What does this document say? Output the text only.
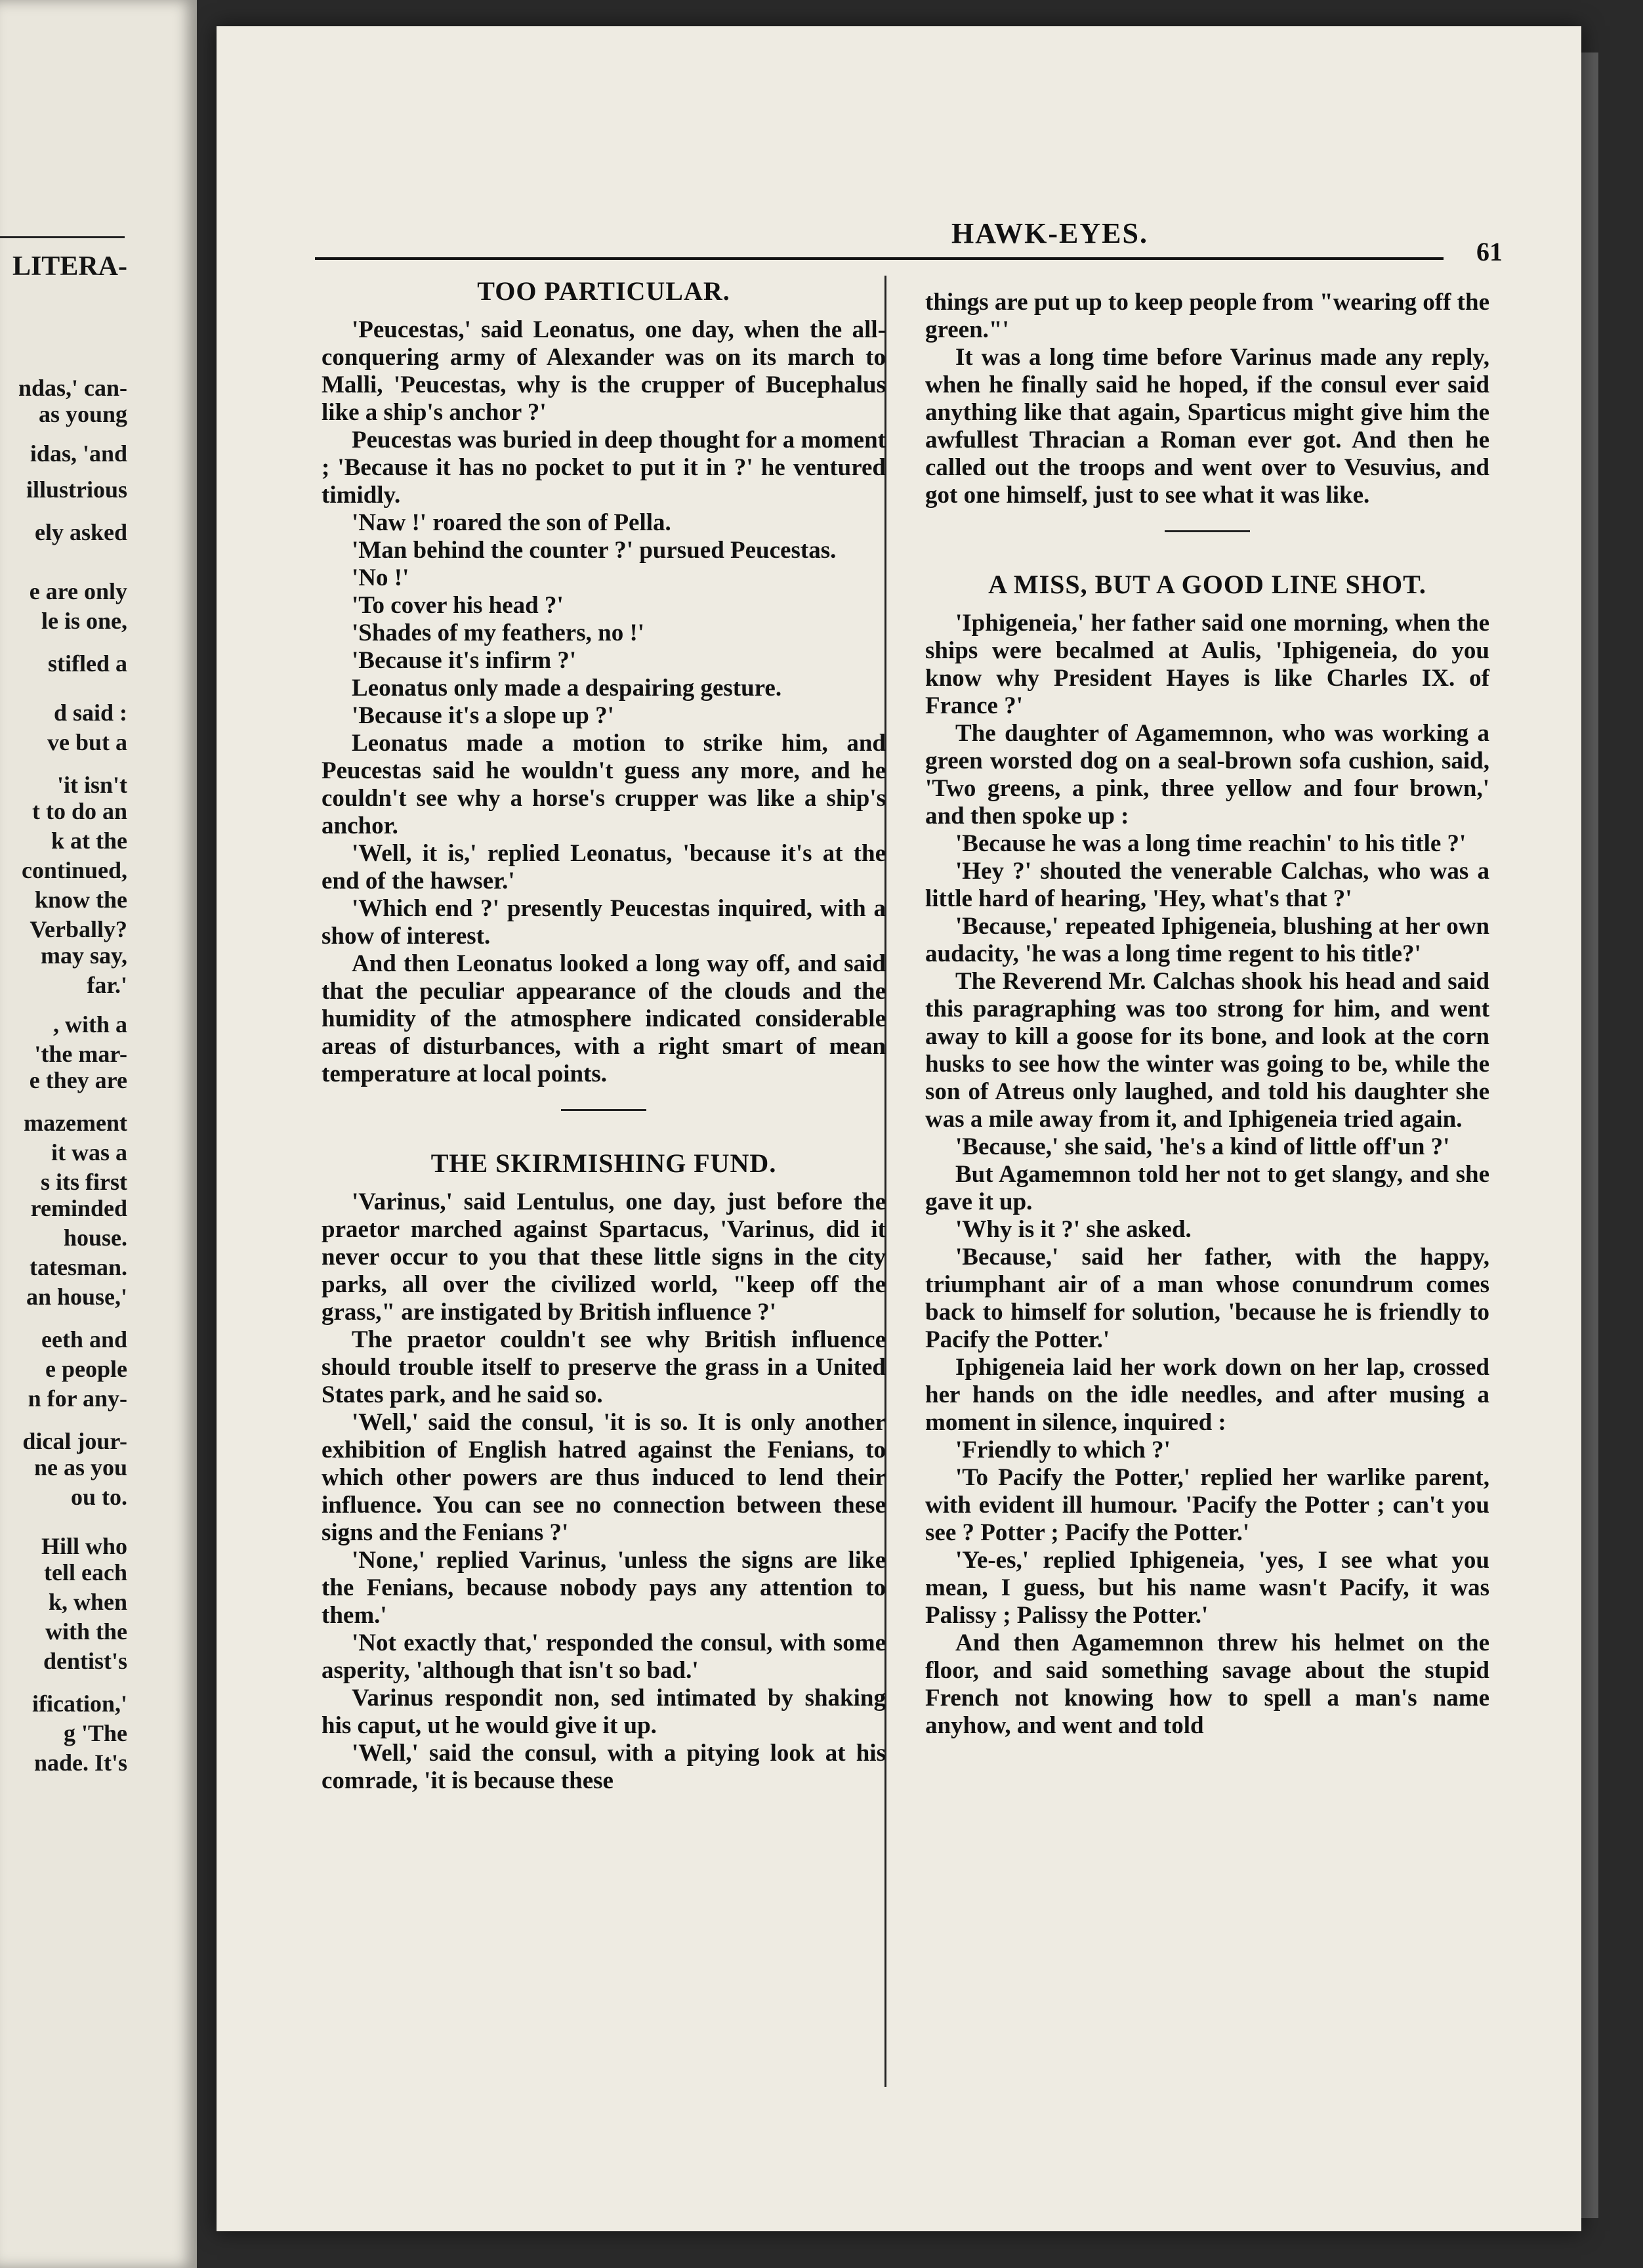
LITERA-
ndas,' can-
as young
idas, 'and
illustrious
ely asked
e are only
le is one,
stifled a
d said :
ve but a
'it isn't
t to do an
k at the
continued,
know the
Verbally?
may say,
far.'
, with a
'the mar-
e they are
mazement
it was a
s its first
reminded
house.
tatesman.
an house,'
eeth and
e people
n for any-
dical jour-
ne as you
ou to.
Hill who
tell each
k, when
with the
dentist's
ification,'
g 'The
nade. It's
HAWK-EYES.
61
TOO PARTICULAR.

'Peucestas,' said Leonatus, one day, when the all-conquering army of Alexander was on its march to Malli, 'Peucestas, why is the crupper of Bucephalus like a ship's anchor ?'

Peucestas was buried in deep thought for a moment ; 'Because it has no pocket to put it in ?' he ventured timidly.

'Naw !' roared the son of Pella.

'Man behind the counter ?' pursued Peucestas.

'No !'

'To cover his head ?'

'Shades of my feathers, no !'

'Because it's infirm ?'

Leonatus only made a despairing gesture.

'Because it's a slope up ?'

Leonatus made a motion to strike him, and Peucestas said he wouldn't guess any more, and he couldn't see why a horse's crupper was like a ship's anchor.

'Well, it is,' replied Leonatus, 'because it's at the end of the hawser.'

'Which end ?' presently Peucestas inquired, with a show of interest.

And then Leonatus looked a long way off, and said that the peculiar appearance of the clouds and the humidity of the atmosphere indicated considerable areas of disturbances, with a right smart of mean temperature at local points.

THE SKIRMISHING FUND.

'Varinus,' said Lentulus, one day, just before the praetor marched against Spartacus, 'Varinus, did it never occur to you that these little signs in the city parks, all over the civilized world, "keep off the grass," are instigated by British influence ?'

The praetor couldn't see why British influence should trouble itself to preserve the grass in a United States park, and he said so.

'Well,' said the consul, 'it is so. It is only another exhibition of English hatred against the Fenians, to which other powers are thus induced to lend their influence. You can see no connection between these signs and the Fenians ?'

'None,' replied Varinus, 'unless the signs are like the Fenians, because nobody pays any attention to them.'

'Not exactly that,' responded the consul, with some asperity, 'although that isn't so bad.'

Varinus respondit non, sed intimated by shaking his caput, ut he would give it up.

'Well,' said the consul, with a pitying look at his comrade, 'it is because these

things are put up to keep people from "wearing off the green."'

It was a long time before Varinus made any reply, when he finally said he hoped, if the consul ever said anything like that again, Sparticus might give him the awfullest Thracian a Roman ever got. And then he called out the troops and went over to Vesuvius, and got one himself, just to see what it was like.

A MISS, BUT A GOOD LINE SHOT.

'Iphigeneia,' her father said one morning, when the ships were becalmed at Aulis, 'Iphigeneia, do you know why President Hayes is like Charles IX. of France ?'

The daughter of Agamemnon, who was working a green worsted dog on a seal-brown sofa cushion, said, 'Two greens, a pink, three yellow and four brown,' and then spoke up :

'Because he was a long time reachin' to his title ?'

'Hey ?' shouted the venerable Calchas, who was a little hard of hearing, 'Hey, what's that ?'

'Because,' repeated Iphigeneia, blushing at her own audacity, 'he was a long time regent to his title?'

The Reverend Mr. Calchas shook his head and said this paragraphing was too strong for him, and went away to kill a goose for its bone, and look at the corn husks to see how the winter was going to be, while the son of Atreus only laughed, and told his daughter she was a mile away from it, and Iphigeneia tried again.

'Because,' she said, 'he's a kind of little off'un ?'

But Agamemnon told her not to get slangy, and she gave it up.

'Why is it ?' she asked.

'Because,' said her father, with the happy, triumphant air of a man whose conundrum comes back to himself for solution, 'because he is friendly to Pacify the Potter.'

Iphigeneia laid her work down on her lap, crossed her hands on the idle needles, and after musing a moment in silence, inquired :

'Friendly to which ?'

'To Pacify the Potter,' replied her warlike parent, with evident ill humour. 'Pacify the Potter ; can't you see ? Potter ; Pacify the Potter.'

'Ye-es,' replied Iphigeneia, 'yes, I see what you mean, I guess, but his name wasn't Pacify, it was Palissy ; Palissy the Potter.'

And then Agamemnon threw his helmet on the floor, and said something savage about the stupid French not knowing how to spell a man's name anyhow, and went and told
